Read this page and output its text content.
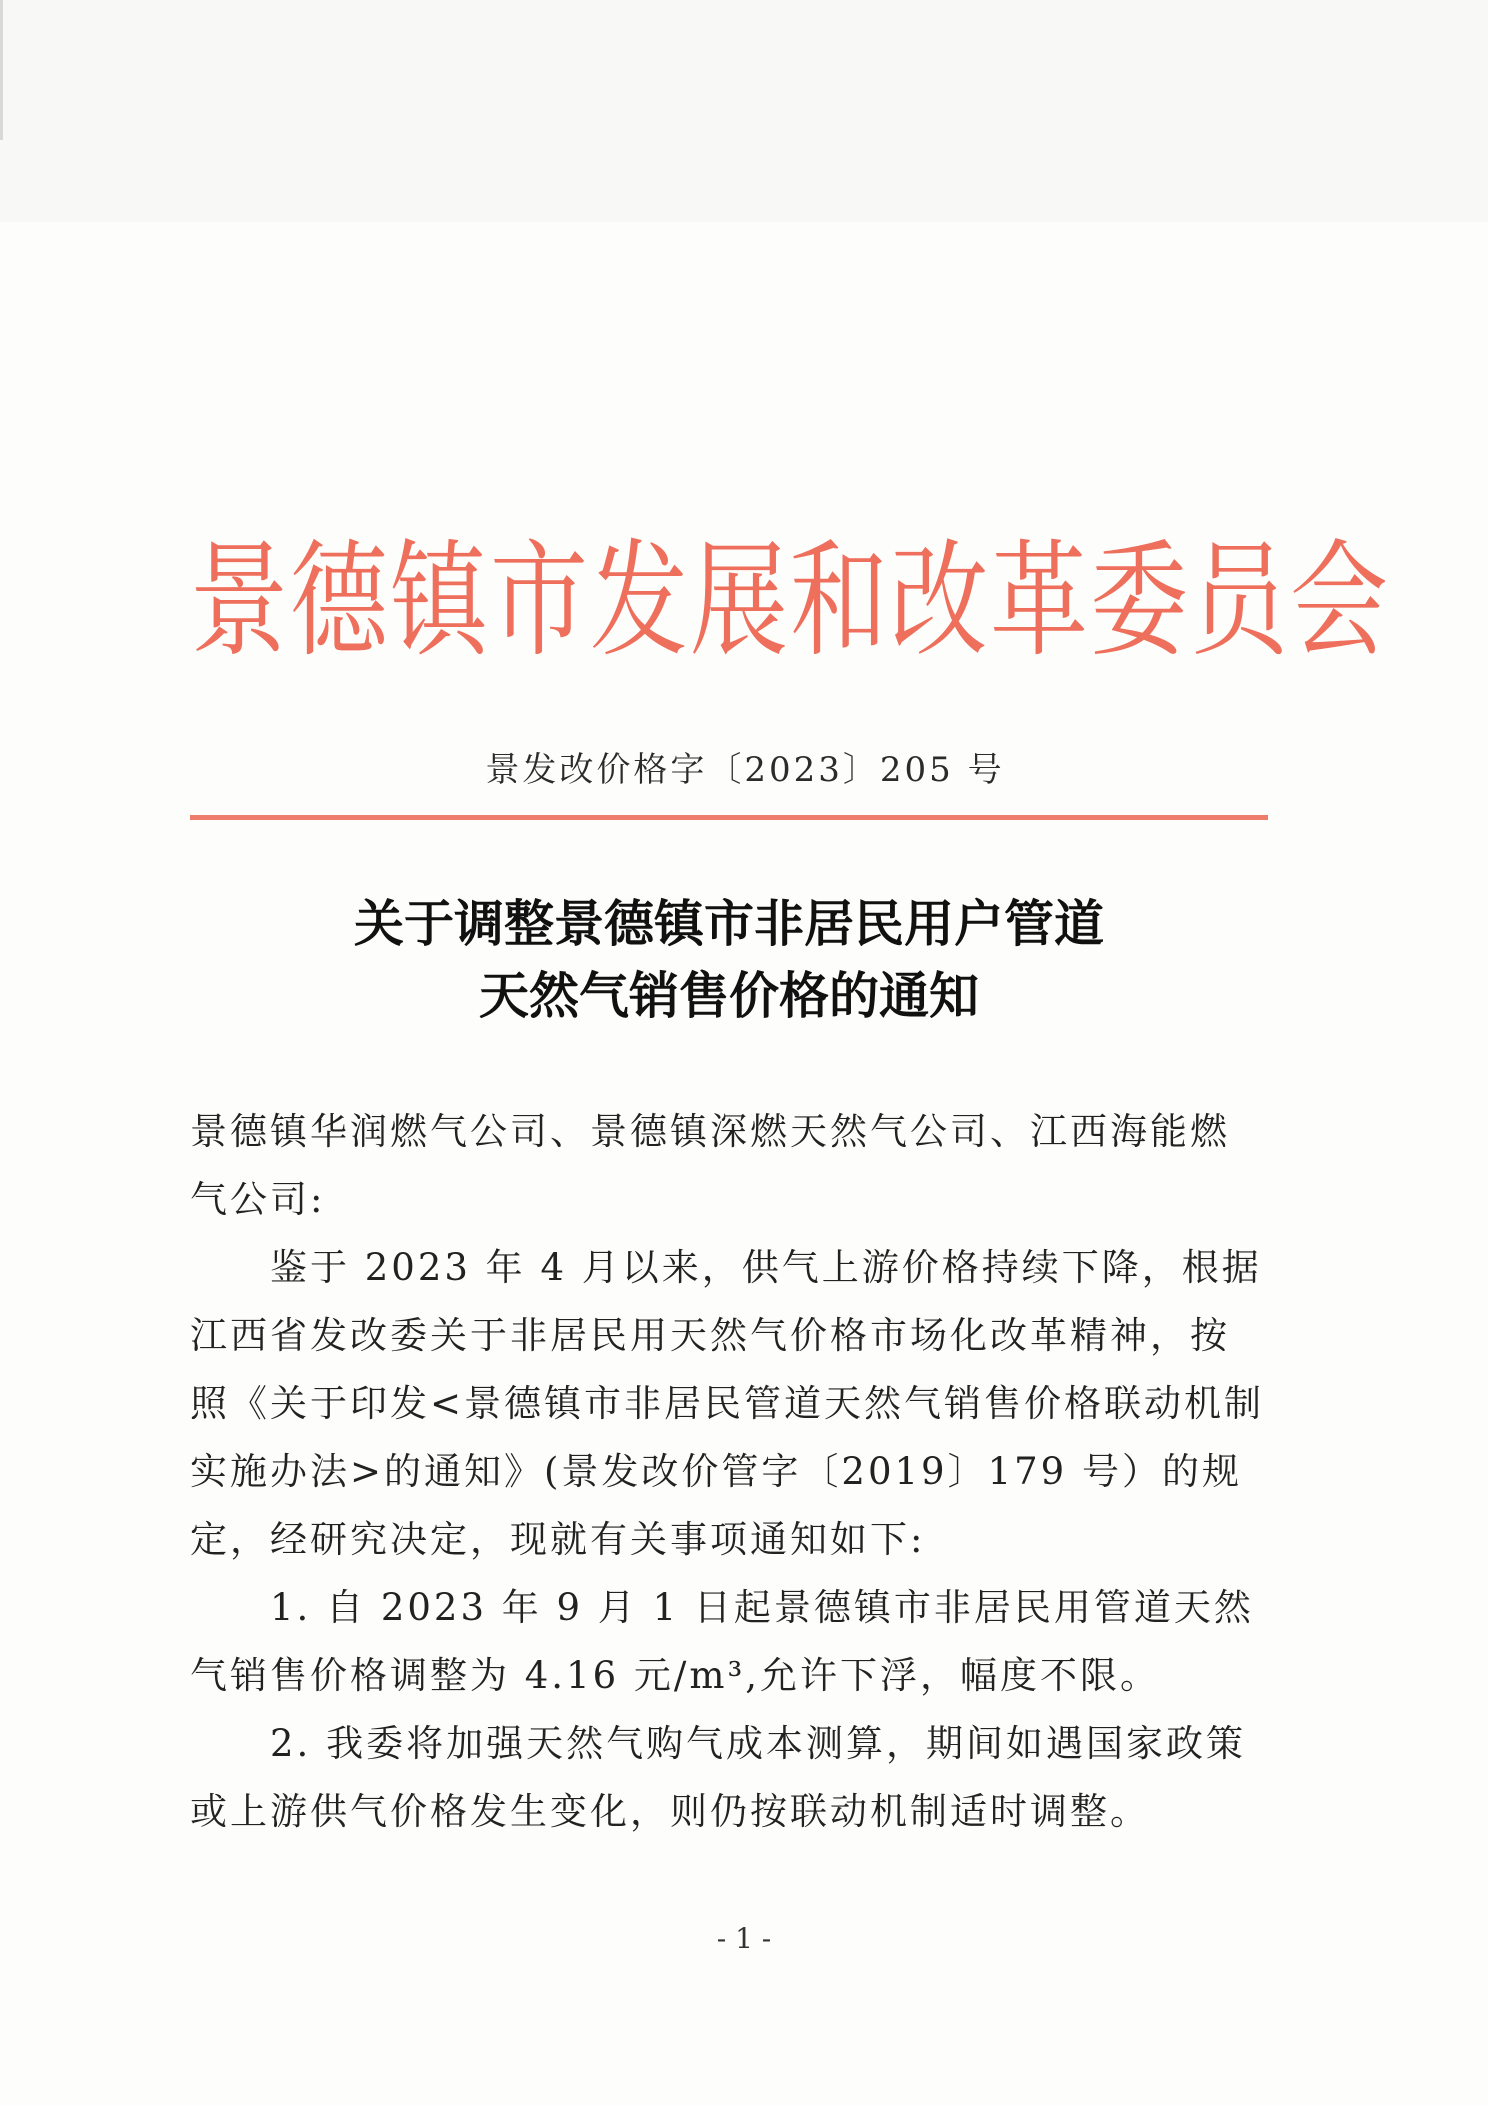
景德镇市发展和改革委员会
景发改价格字〔2023〕205 号
关于调整景德镇市非居民用户管道
天然气销售价格的通知

景德镇华润燃气公司、景德镇深燃天然气公司、江西海能燃气公司:

鉴于 2023 年 4 月以来，供气上游价格持续下降，根据江西省发改委关于非居民用天然气价格市场化改革精神，按照《关于印发<景德镇市非居民管道天然气销售价格联动机制实施办法>的通知》(景发改价管字〔2019〕179 号）的规定，经研究决定，现就有关事项通知如下:

1. 自 2023 年 9 月 1 日起景德镇市非居民用管道天然气销售价格调整为 4.16 元/m³,允许下浮，幅度不限。

2. 我委将加强天然气购气成本测算，期间如遇国家政策或上游供气价格发生变化，则仍按联动机制适时调整。

- 1 -
